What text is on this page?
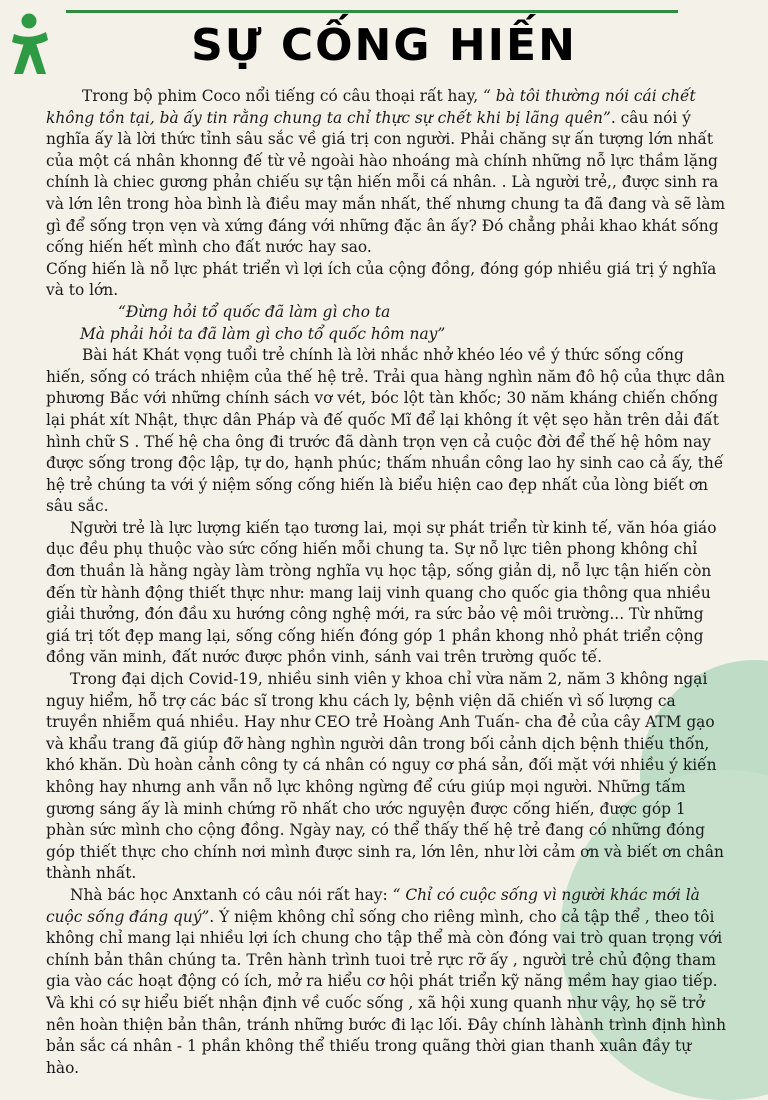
SỰ CỐNG HIẾN

Trong bộ phim Coco nổi tiếng có câu thoại rất hay, “ bà tôi thường nói cái chết không tồn tại, bà ấy tin rằng chung ta chỉ thực sự chết khi bị lãng quên”. câu nói ý nghĩa ấy là lời thức tỉnh sâu sắc về giá trị con người. Phải chăng sự ấn tượng lớn nhất của một cá nhân khonng đế từ vẻ ngoài hào nhoáng mà chính những nỗ lực thầm lặng chính là chiec gương phản chiếu sự tận hiến mỗi cá nhân. . Là người trẻ,, được sinh ra và lớn lên trong hòa bình là điều may mắn nhất, thế nhưng chung ta đã đang và sẽ làm gì để sống trọn vẹn và xứng đáng với những đặc ân ấy? Đó chẳng phải khao khát sống cống hiến hết mình cho đất nước hay sao.

Cống hiến là nỗ lực phát triển vì lợi ích của cộng đồng, đóng góp nhiều giá trị ý nghĩa và to lớn.

“Đừng hỏi tổ quốc đã làm gì cho ta

Mà phải hỏi ta đã làm gì cho tổ quốc hôm nay”

Bài hát Khát vọng tuổi trẻ chính là lời nhắc nhở khéo léo về ý thức sống cống hiến, sống có trách nhiệm của thế hệ trẻ. Trải qua hàng nghìn năm đô hộ của thực dân phương Bắc với những chính sách vơ vét, bóc lột tàn khốc; 30 năm kháng chiến chống lại phát xít Nhật, thực dân Pháp và đế quốc Mĩ để lại không ít vệt sẹo hằn trên dải đất hình chữ S . Thế hệ cha ông đi trước đã dành trọn vẹn cả cuộc đời để thế hệ hôm nay được sống trong độc lập, tự do, hạnh phúc; thấm nhuần công lao hy sinh cao cả ấy, thế hệ trẻ chúng ta với ý niệm sống cống hiến là biểu hiện cao đẹp nhất của lòng biết ơn sâu sắc.

Người trẻ là lực lượng kiến tạo tương lai, mọi sự phát triển từ kinh tế, văn hóa giáo dục đều phụ thuộc vào sức cống hiến mỗi chung ta. Sự nỗ lực tiên phong không chỉ đơn thuần là hằng ngày làm tròng nghĩa vụ học tập, sống giản dị, nỗ lực tận hiến còn đến từ hành động thiết thực như: mang laij vinh quang cho quốc gia thông qua nhiều giải thưởng, đón đầu xu hướng công nghệ mới, ra sức bảo vệ môi trường... Từ những giá trị tốt đẹp mang lại, sống cống hiến đóng góp 1 phần khong nhỏ phát triển cộng đồng văn minh, đất nước được phồn vinh, sánh vai trên trường quốc tế.

Trong đại dịch Covid-19, nhiều sinh viên y khoa chỉ vừa năm 2, năm 3 không ngại nguy hiểm, hỗ trợ các bác sĩ trong khu cách ly, bệnh viện dã chiến vì số lượng ca truyền nhiễm quá nhiều. Hay như CEO trẻ Hoàng Anh Tuấn- cha đẻ của cây ATM gạo và khẩu trang đã giúp đỡ hàng nghìn người dân trong bối cảnh dịch bệnh thiếu thốn, khó khăn. Dù hoàn cảnh công ty cá nhân có nguy cơ phá sản, đối mặt với nhiều ý kiến không hay nhưng anh vẫn nỗ lực không ngừng để cứu giúp mọi người. Những tấm gương sáng ấy là minh chứng rõ nhất cho ước nguyện được cống hiến, được góp 1 phàn sức mình cho cộng đồng. Ngày nay, có thể thấy thế hệ trẻ đang có những đóng góp thiết thực cho chính nơi mình được sinh ra, lớn lên, như lời cảm ơn và biết ơn chân thành nhất.

Nhà bác học Anxtanh có câu nói rất hay: “ Chỉ có cuộc sống vì người khác mới là cuộc sống đáng quý”. Ý niệm không chỉ sống cho riêng mình, cho cả tập thể , theo tôi không chỉ mang lại nhiều lợi ích chung cho tập thể mà còn đóng vai trò quan trọng với chính bản thân chúng ta. Trên hành trình tuoi trẻ rực rỡ ấy , người trẻ chủ động tham gia vào các hoạt động có ích, mở ra hiểu cơ hội phát triển kỹ năng mềm hay giao tiếp. Và khi có sự hiểu biết nhận định về cuốc sống , xã hội xung quanh như vậy, họ sẽ trở nên hoàn thiện bản thân, tránh những bước đi lạc lối. Đây chính làhành trình định hình bản sắc cá nhân - 1 phần không thể thiếu trong quãng thời gian thanh xuân đầy tự hào.
